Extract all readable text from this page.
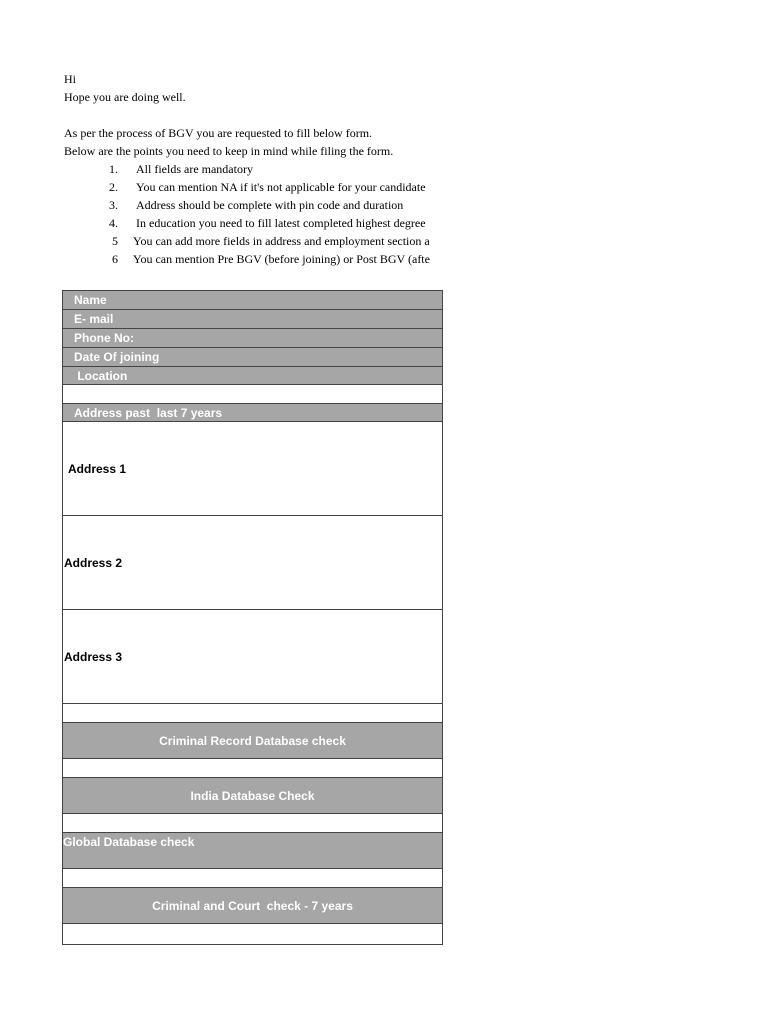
Hi

Hope you are doing well.

As per the process of BGV you are requested to fill below form.

Below are the points you need to keep in mind while filing the form.

1. All fields are mandatory
2. You can mention NA if it's not applicable for your candidate
3. Address should be complete with pin code and duration
4. In education you need to fill latest completed highest degree
5 You can add more fields in address and employment section a
6 You can mention Pre BGV (before joining) or Post BGV (afte
Name
E- mail
Phone No:
Date Of joining
Location
Address past  last 7 years
Address 1
Address 2
Address 3
Criminal Record Database check
India Database Check
Global Database check
Criminal and Court  check - 7 years
